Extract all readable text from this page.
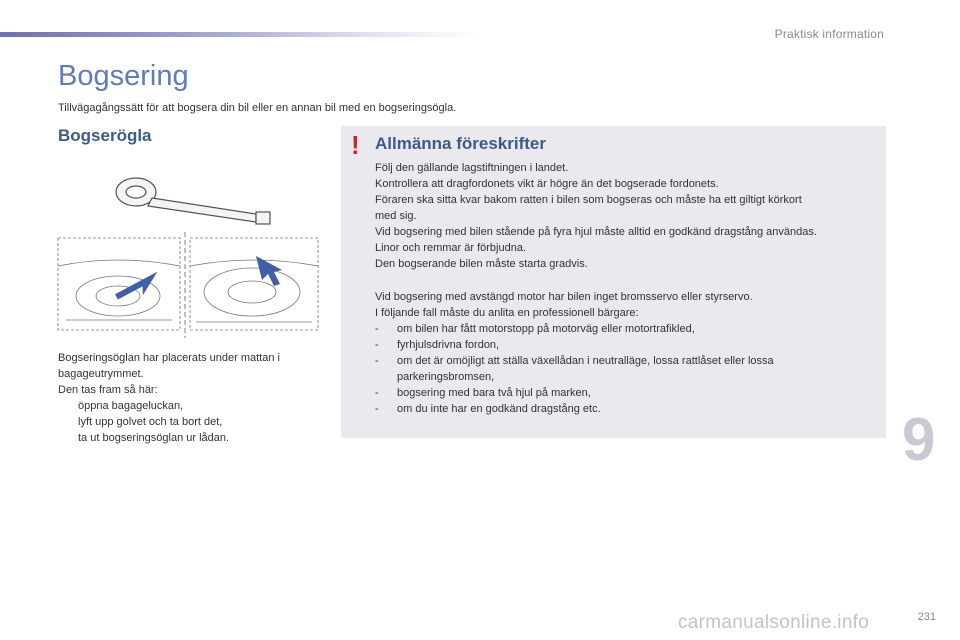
Praktisk information
Bogsering
Tillvägagångssätt för att bogsera din bil eller en annan bil med en bogseringsögla.
Bogserögla
Bogseringsöglan har placerats under mattan i
bagageutrymmet.
Den tas fram så här:
öppna bagageluckan,
lyft upp golvet och ta bort det,
ta ut bogseringsöglan ur lådan.
! Allmänna föreskrifter

Följ den gällande lagstiftningen i landet.

Kontrollera att dragfordonets vikt är högre än det bogserade fordonets.

Föraren ska sitta kvar bakom ratten i bilen som bogseras och måste ha ett giltigt körkort

med sig.

Vid bogsering med bilen stående på fyra hjul måste alltid en godkänd dragstång användas.

Linor och remmar är förbjudna.

Den bogserande bilen måste starta gradvis.

Vid bogsering med avstängd motor har bilen inget bromsservo eller styrservo.

I följande fall måste du anlita en professionell bärgare:

-	om bilen har fått motorstopp på motorväg eller motortrafikled,
-	fyrhjulsdrivna fordon,
-	om det är omöjligt att ställa växellådan i neutralläge, lossa rattlåset eller lossa
parkeringsbromsen,
-	bogsering med bara två hjul på marken,
-	om du inte har en godkänd dragstång etc.	9
231
carmanualsonline.info
